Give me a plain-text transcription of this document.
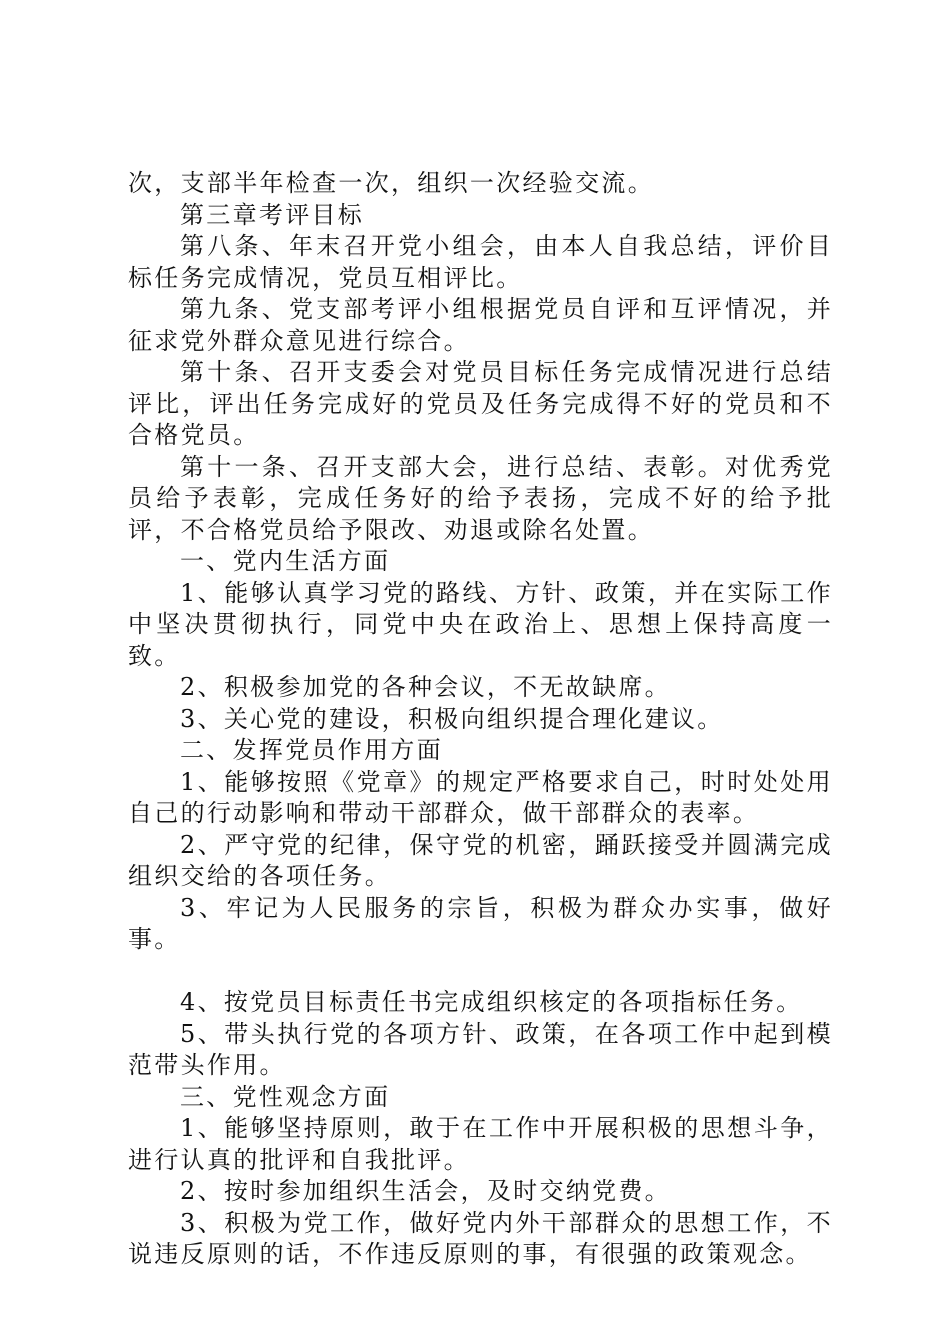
次，支部半年检查一次，组织一次经验交流。

第三章考评目标

第八条、年末召开党小组会，由本人自我总结，评价目标任务完成情况，党员互相评比。

第九条、党支部考评小组根据党员自评和互评情况，并征求党外群众意见进行综合。

第十条、召开支委会对党员目标任务完成情况进行总结评比，评出任务完成好的党员及任务完成得不好的党员和不合格党员。

第十一条、召开支部大会，进行总结、表彰。对优秀党员给予表彰，完成任务好的给予表扬，完成不好的给予批评，不合格党员给予限改、劝退或除名处置。

一、党内生活方面

1、能够认真学习党的路线、方针、政策，并在实际工作中坚决贯彻执行，同党中央在政治上、思想上保持高度一致。

2、积极参加党的各种会议，不无故缺席。

3、关心党的建设，积极向组织提合理化建议。

二、发挥党员作用方面

1、能够按照《党章》的规定严格要求自己，时时处处用自己的行动影响和带动干部群众，做干部群众的表率。

2、严守党的纪律，保守党的机密，踊跃接受并圆满完成组织交给的各项任务。

3、牢记为人民服务的宗旨，积极为群众办实事，做好事。

4、按党员目标责任书完成组织核定的各项指标任务。

5、带头执行党的各项方针、政策，在各项工作中起到模范带头作用。

三、党性观念方面

1、能够坚持原则，敢于在工作中开展积极的思想斗争，进行认真的批评和自我批评。

2、按时参加组织生活会，及时交纳党费。

3、积极为党工作，做好党内外干部群众的思想工作，不说违反原则的话，不作违反原则的事，有很强的政策观念。
